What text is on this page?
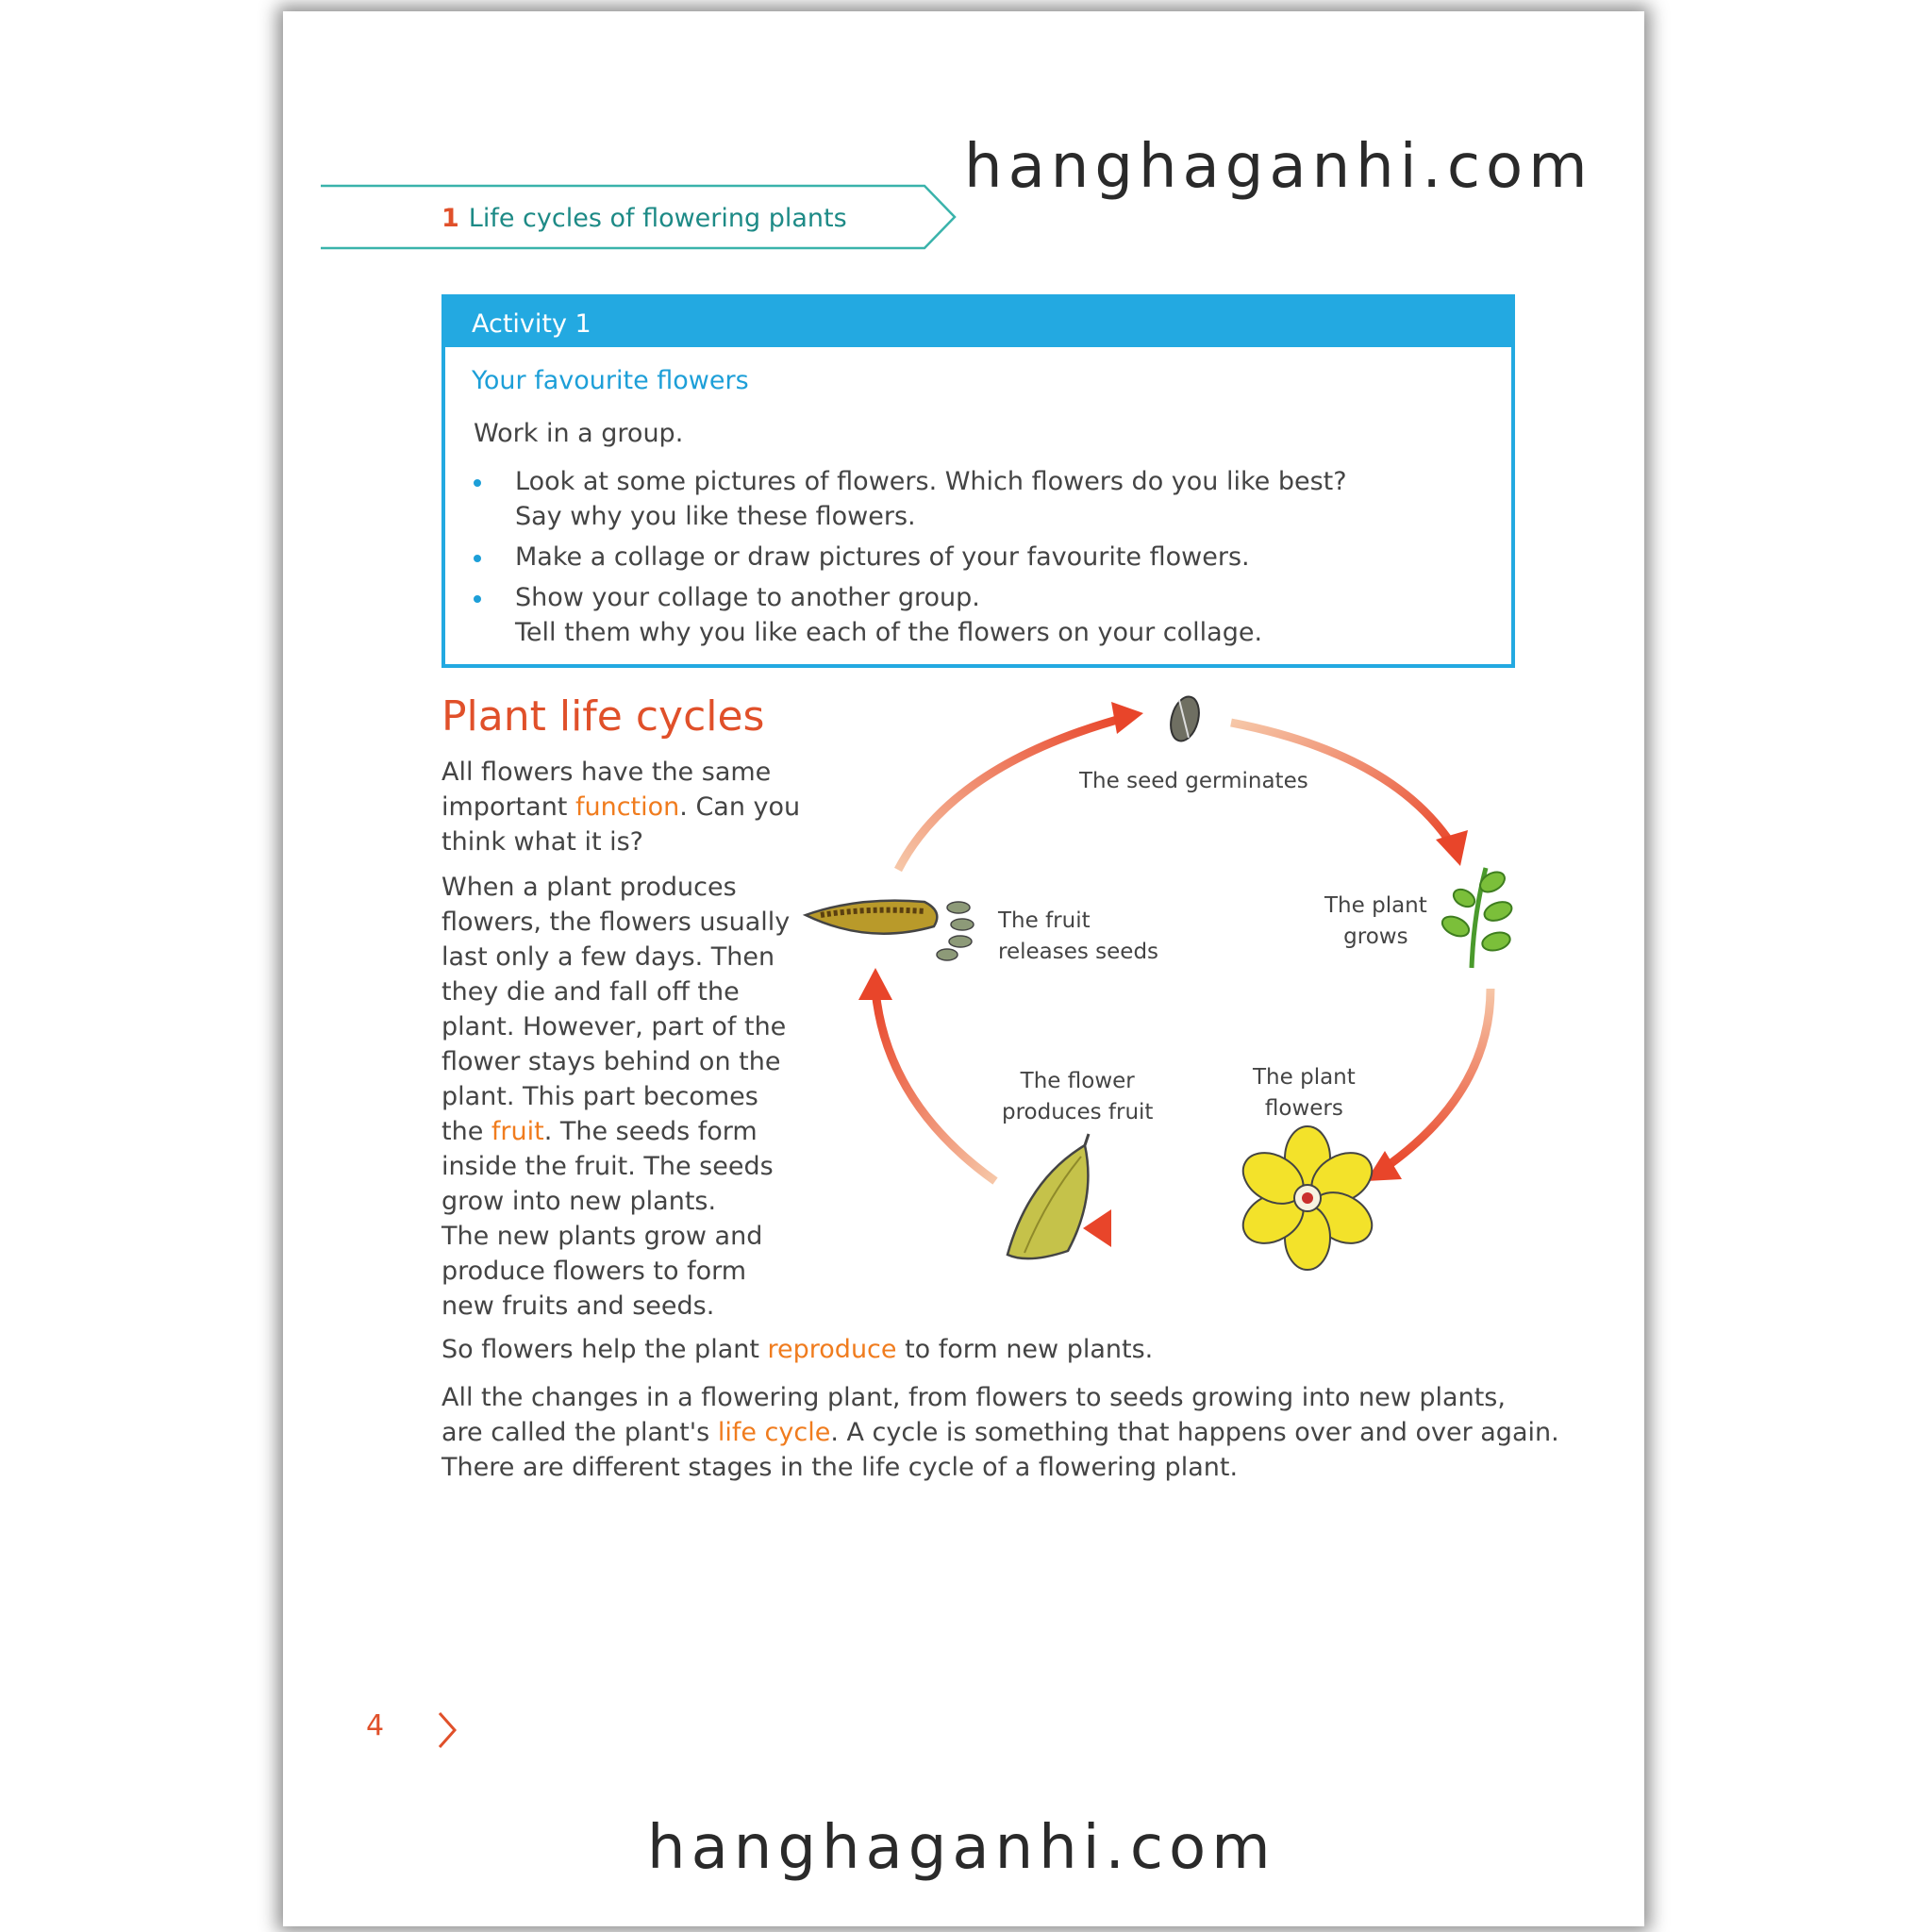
hanghaganhi.com
1 Life cycles of flowering plants
Activity 1
Your favourite flowers
Work in a group.
Look at some pictures of flowers. Which flowers do you like best?
Say why you like these flowers.
Make a collage or draw pictures of your favourite flowers.
Show your collage to another group.
Tell them why you like each of the flowers on your collage.
Plant life cycles
All flowers have the same
important function. Can you
think what it is?
When a plant produces
flowers, the flowers usually
last only a few days. Then
they die and fall off the
plant. However, part of the
flower stays behind on the
plant. This part becomes
the fruit. The seeds form
inside the fruit. The seeds
grow into new plants.
The new plants grow and
produce flowers to form
new fruits and seeds.
The seed germinates
The plant
grows
The fruit
releases seeds
The plant
flowers
The flower
produces fruit
So flowers help the plant reproduce to form new plants.
All the changes in a flowering plant, from flowers to seeds growing into new plants,
are called the plant's life cycle. A cycle is something that happens over and over again.
There are different stages in the life cycle of a flowering plant.
4
hanghaganhi.com
